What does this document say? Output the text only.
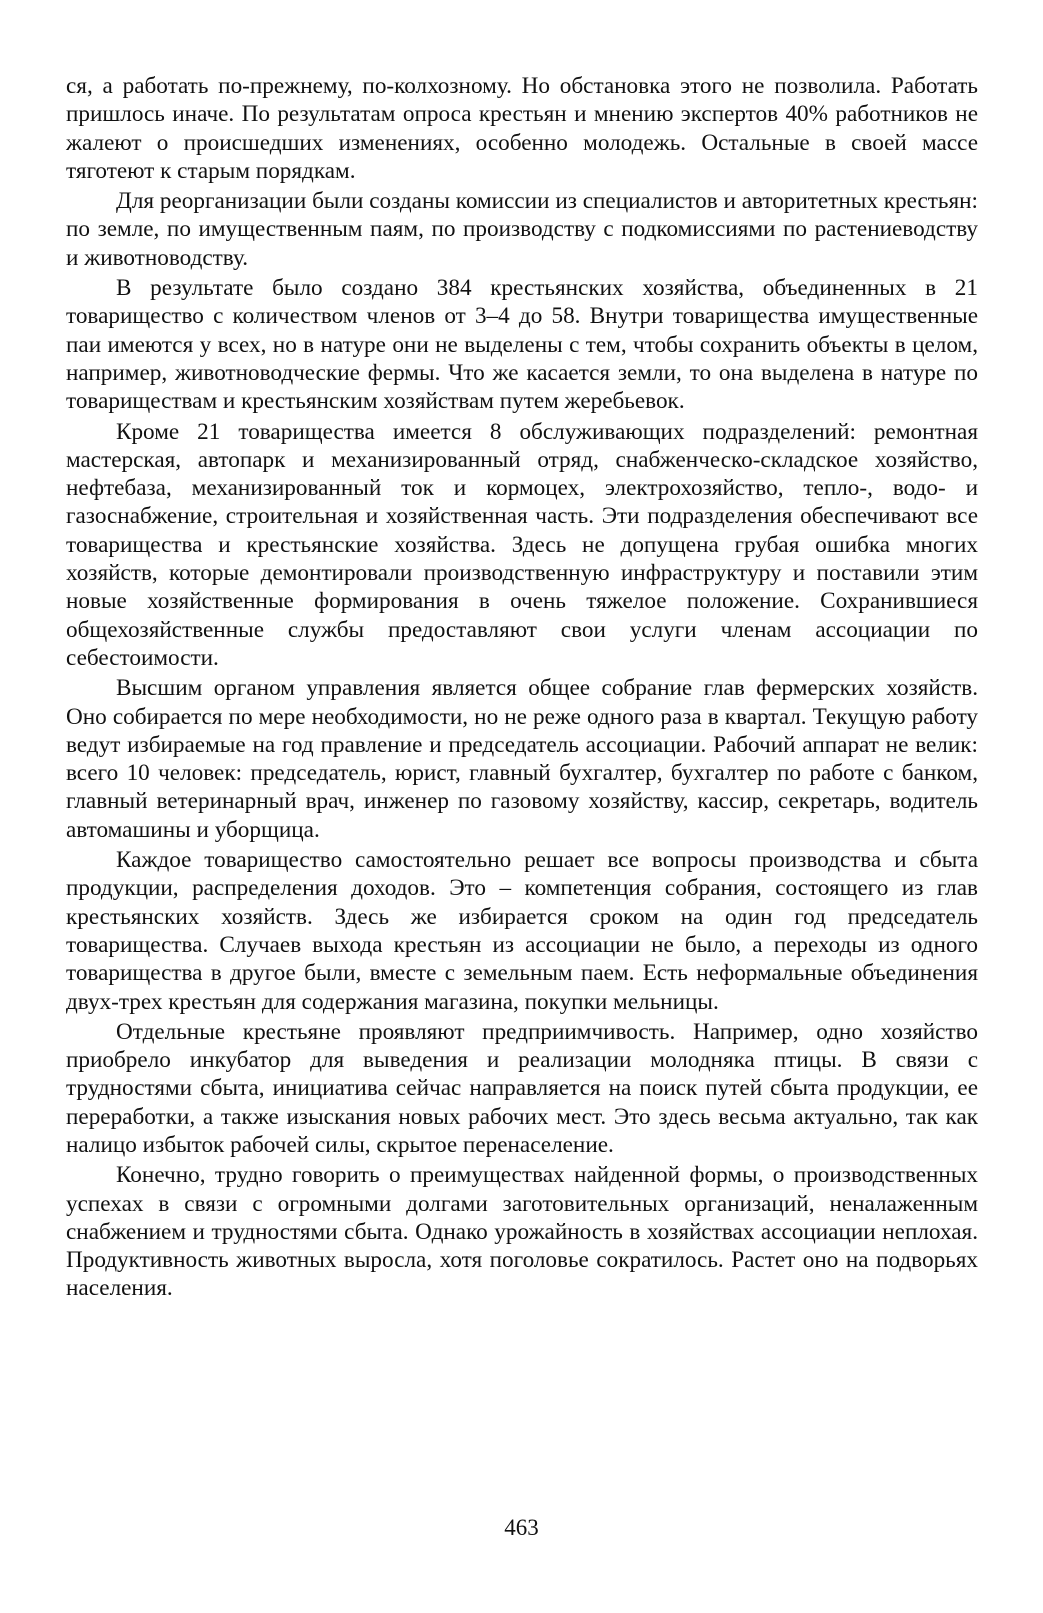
ся, а работать по-прежнему, по-колхозному. Но обстановка этого не позволила. Работать пришлось иначе. По результатам опроса крестьян и мнению экспертов 40% работников не жалеют о происшедших изменениях, особенно молодежь. Остальные в своей массе тяготеют к старым порядкам.

Для реорганизации были созданы комиссии из специалистов и авторитетных крестьян: по земле, по имущественным паям, по производству с подкомиссиями по растениеводству и животноводству.

В результате было создано 384 крестьянских хозяйства, объединенных в 21 товарищество с количеством членов от 3–4 до 58. Внутри товарищества имущественные паи имеются у всех, но в натуре они не выделены с тем, чтобы сохранить объекты в целом, например, животноводческие фермы. Что же касается земли, то она выделена в натуре по товариществам и крестьянским хозяйствам путем жеребьевок.

Кроме 21 товарищества имеется 8 обслуживающих подразделений: ремонтная мастерская, автопарк и механизированный отряд, снабженческо-складское хозяйство, нефтебаза, механизированный ток и кормоцех, электрохозяйство, тепло-, водо- и газоснабжение, строительная и хозяйственная часть. Эти подразделения обеспечивают все товарищества и крестьянские хозяйства. Здесь не допущена грубая ошибка многих хозяйств, которые демонтировали производственную инфраструктуру и поставили этим новые хозяйственные формирования в очень тяжелое положение. Сохранившиеся общехозяйственные службы предоставляют свои услуги членам ассоциации по себестоимости.

Высшим органом управления является общее собрание глав фермерских хозяйств. Оно собирается по мере необходимости, но не реже одного раза в квартал. Текущую работу ведут избираемые на год правление и председатель ассоциации. Рабочий аппарат не велик: всего 10 человек: председатель, юрист, главный бухгалтер, бухгалтер по работе с банком, главный ветеринарный врач, инженер по газовому хозяйству, кассир, секретарь, водитель автомашины и уборщица.

Каждое товарищество самостоятельно решает все вопросы производства и сбыта продукции, распределения доходов. Это – компетенция собрания, состоящего из глав крестьянских хозяйств. Здесь же избирается сроком на один год председатель товарищества. Случаев выхода крестьян из ассоциации не было, а переходы из одного товарищества в другое были, вместе с земельным паем. Есть неформальные объединения двух-трех крестьян для содержания магазина, покупки мельницы.

Отдельные крестьяне проявляют предприимчивость. Например, одно хозяйство приобрело инкубатор для выведения и реализации молодняка птицы. В связи с трудностями сбыта, инициатива сейчас направляется на поиск путей сбыта продукции, ее переработки, а также изыскания новых рабочих мест. Это здесь весьма актуально, так как налицо избыток рабочей силы, скрытое перенаселение.

Конечно, трудно говорить о преимуществах найденной формы, о производственных успехах в связи с огромными долгами заготовительных организаций, неналаженным снабжением и трудностями сбыта. Однако урожайность в хозяйствах ассоциации неплохая. Продуктивность животных выросла, хотя поголовье сократилось. Растет оно на подворьях населения.

463
